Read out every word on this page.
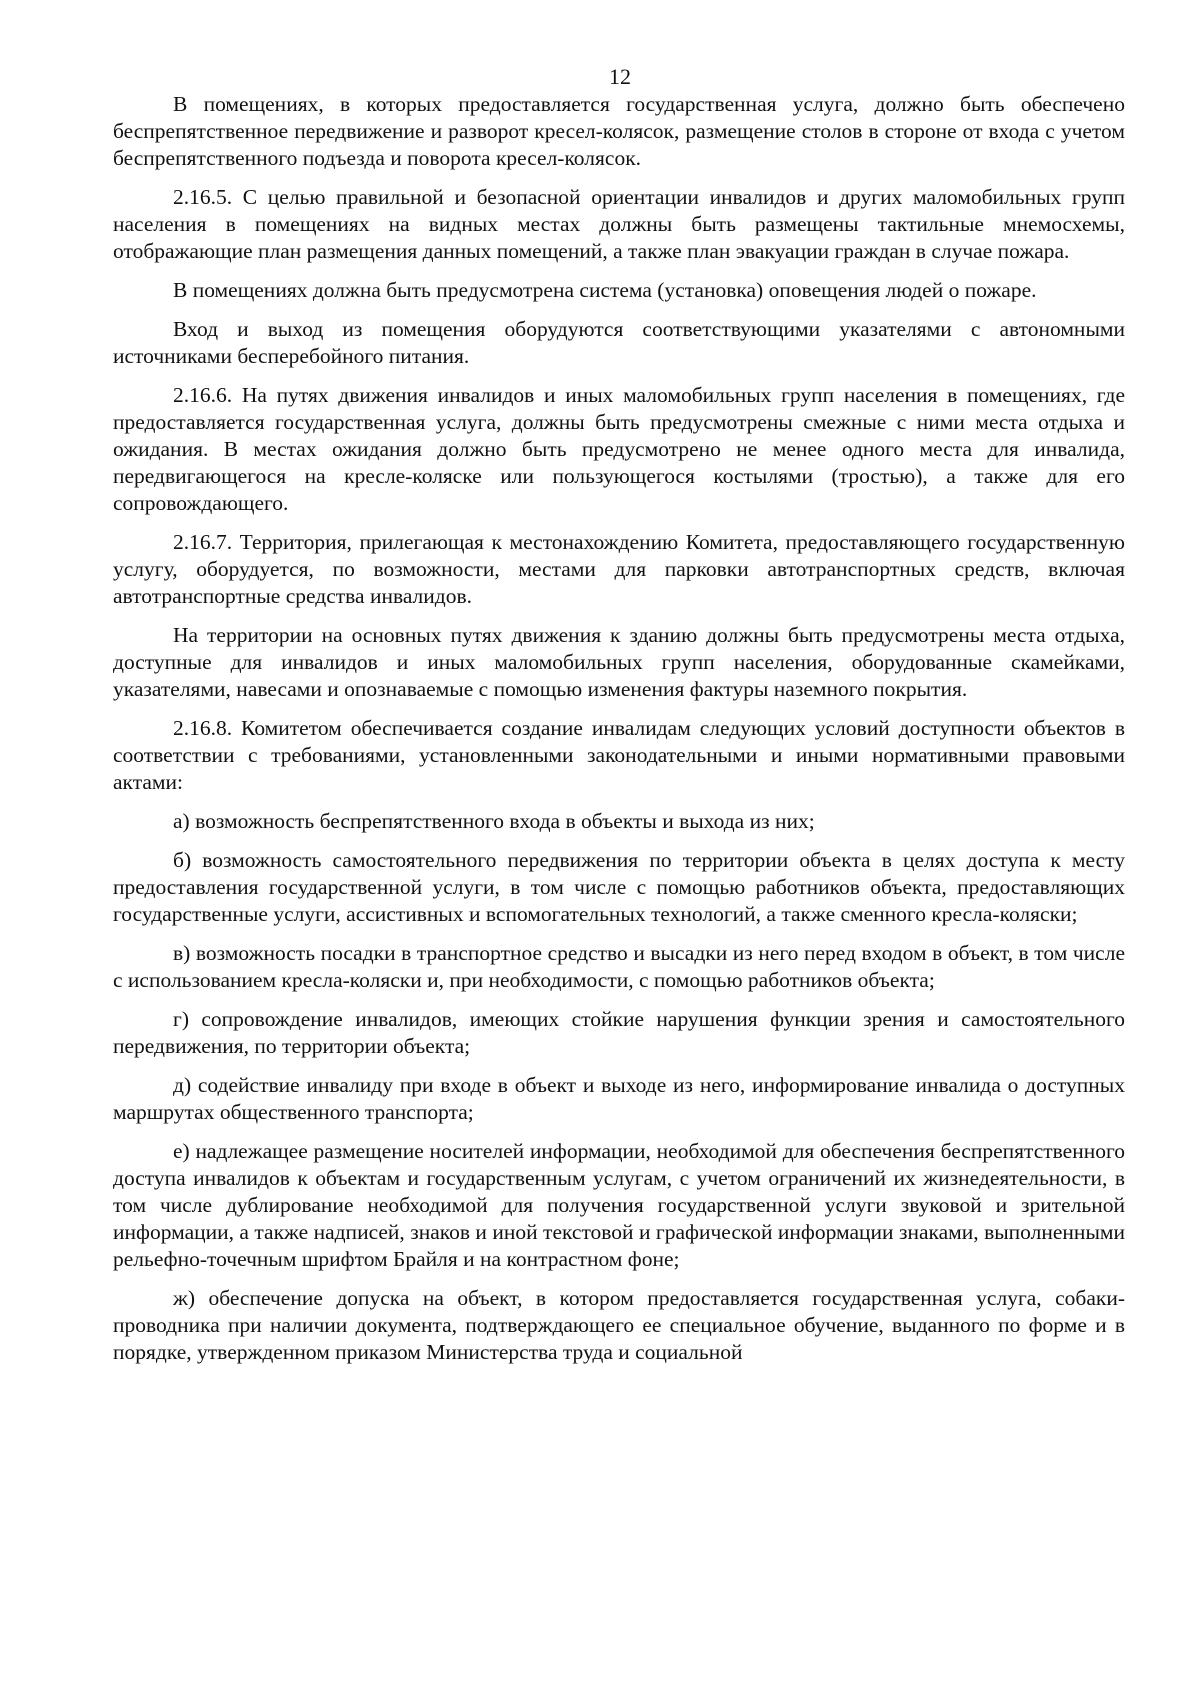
12

В помещениях, в которых предоставляется государственная услуга, должно быть обеспечено беспрепятственное передвижение и разворот кресел-колясок, размещение столов в стороне от входа с учетом беспрепятственного подъезда и поворота кресел-колясок.

2.16.5. С целью правильной и безопасной ориентации инвалидов и других маломобильных групп населения в помещениях на видных местах должны быть размещены тактильные мнемосхемы, отображающие план размещения данных помещений, а также план эвакуации граждан в случае пожара.

В помещениях должна быть предусмотрена система (установка) оповещения людей о пожаре.

Вход и выход из помещения оборудуются соответствующими указателями с автономными источниками бесперебойного питания.

2.16.6. На путях движения инвалидов и иных маломобильных групп населения в помещениях, где предоставляется государственная услуга, должны быть предусмотрены смежные с ними места отдыха и ожидания. В местах ожидания должно быть предусмотрено не менее одного места для инвалида, передвигающегося на кресле-коляске или пользующегося костылями (тростью), а также для его сопровождающего.

2.16.7. Территория, прилегающая к местонахождению Комитета, предоставляющего государственную услугу, оборудуется, по возможности, местами для парковки автотранспортных средств, включая автотранспортные средства инвалидов.

На территории на основных путях движения к зданию должны быть предусмотрены места отдыха, доступные для инвалидов и иных маломобильных групп населения, оборудованные скамейками, указателями, навесами и опознаваемые с помощью изменения фактуры наземного покрытия.

2.16.8. Комитетом обеспечивается создание инвалидам следующих условий доступности объектов в соответствии с требованиями, установленными законодательными и иными нормативными правовыми актами:

а) возможность беспрепятственного входа в объекты и выхода из них;

б) возможность самостоятельного передвижения по территории объекта в целях доступа к месту предоставления государственной услуги, в том числе с помощью работников объекта, предоставляющих государственные услуги, ассистивных и вспомогательных технологий, а также сменного кресла-коляски;

в) возможность посадки в транспортное средство и высадки из него перед входом в объект, в том числе с использованием кресла-коляски и, при необходимости, с помощью работников объекта;

г) сопровождение инвалидов, имеющих стойкие нарушения функции зрения и самостоятельного передвижения, по территории объекта;

д) содействие инвалиду при входе в объект и выходе из него, информирование инвалида о доступных маршрутах общественного транспорта;

е) надлежащее размещение носителей информации, необходимой для обеспечения беспрепятственного доступа инвалидов к объектам и государственным услугам, с учетом ограничений их жизнедеятельности, в том числе дублирование необходимой для получения государственной услуги звуковой и зрительной информации, а также надписей, знаков и иной текстовой и графической информации знаками, выполненными рельефно-точечным шрифтом Брайля и на контрастном фоне;

ж) обеспечение допуска на объект, в котором предоставляется государственная услуга, собаки-проводника при наличии документа, подтверждающего ее специальное обучение, выданного по форме и в порядке, утвержденном приказом Министерства труда и социальной
